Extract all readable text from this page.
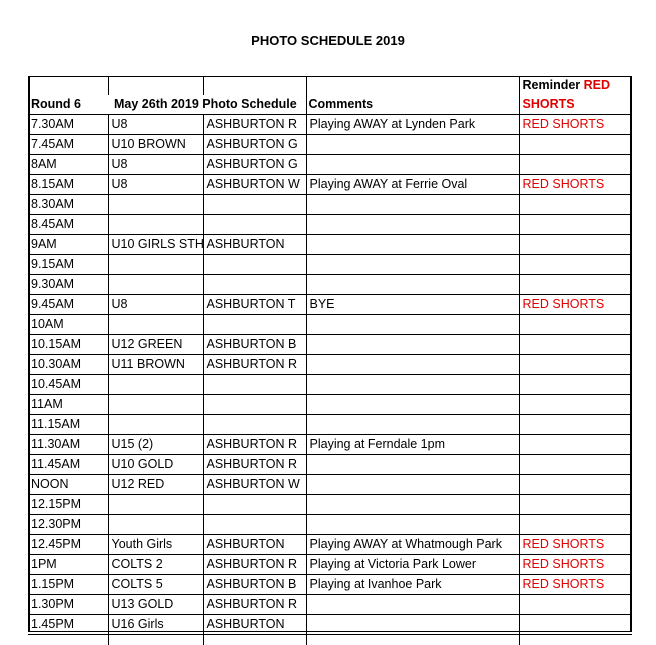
PHOTO SCHEDULE 2019
				Reminder RED
Round 6	May 26th 2019 Photo Schedule		Comments	SHORTS
7.30AM	U8	ASHBURTON R	Playing AWAY at Lynden Park	RED SHORTS
7.45AM	U10 BROWN	ASHBURTON G		
8AM	U8	ASHBURTON G		
8.15AM	U8	ASHBURTON W	Playing AWAY at Ferrie Oval	RED SHORTS
8.30AM				
8.45AM				
9AM	U10 GIRLS STH	ASHBURTON		
9.15AM				
9.30AM				
9.45AM	U8	ASHBURTON T	BYE	RED SHORTS
10AM				
10.15AM	U12 GREEN	ASHBURTON B		
10.30AM	U11 BROWN	ASHBURTON R		
10.45AM				
11AM				
11.15AM				
11.30AM	U15 (2)	ASHBURTON R	Playing at Ferndale 1pm	
11.45AM	U10 GOLD	ASHBURTON R		
NOON	U12 RED	ASHBURTON W		
12.15PM				
12.30PM				
12.45PM	Youth Girls	ASHBURTON	Playing AWAY at Whatmough Park	RED SHORTS
1PM	COLTS 2	ASHBURTON R	Playing at Victoria Park Lower	RED SHORTS
1.15PM	COLTS 5	ASHBURTON B	Playing at Ivanhoe Park	RED SHORTS
1.30PM	U13 GOLD	ASHBURTON R		
1.45PM	U16 Girls	ASHBURTON		
